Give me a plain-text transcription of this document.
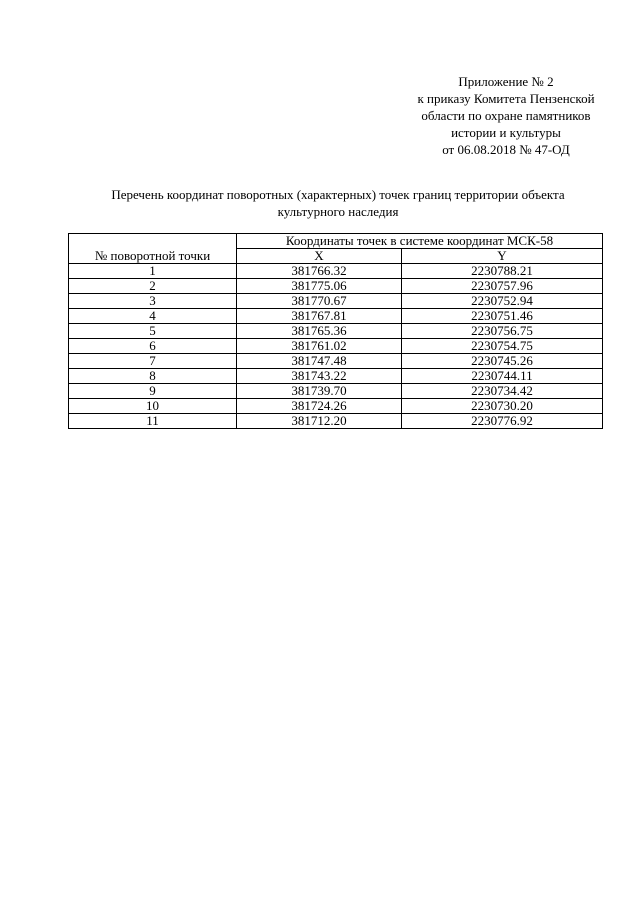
Приложение № 2
к приказу Комитета Пензенской
области по охране памятников
истории и культуры
от 06.08.2018 № 47-ОД
Перечень координат поворотных (характерных) точек границ территории объекта
культурного наследия
№ поворотной точки	Координаты точек в системе координат МСК-58	
	X	Y
1	381766.32	2230788.21
2	381775.06	2230757.96
3	381770.67	2230752.94
4	381767.81	2230751.46
5	381765.36	2230756.75
6	381761.02	2230754.75
7	381747.48	2230745.26
8	381743.22	2230744.11
9	381739.70	2230734.42
10	381724.26	2230730.20
11	381712.20	2230776.92
